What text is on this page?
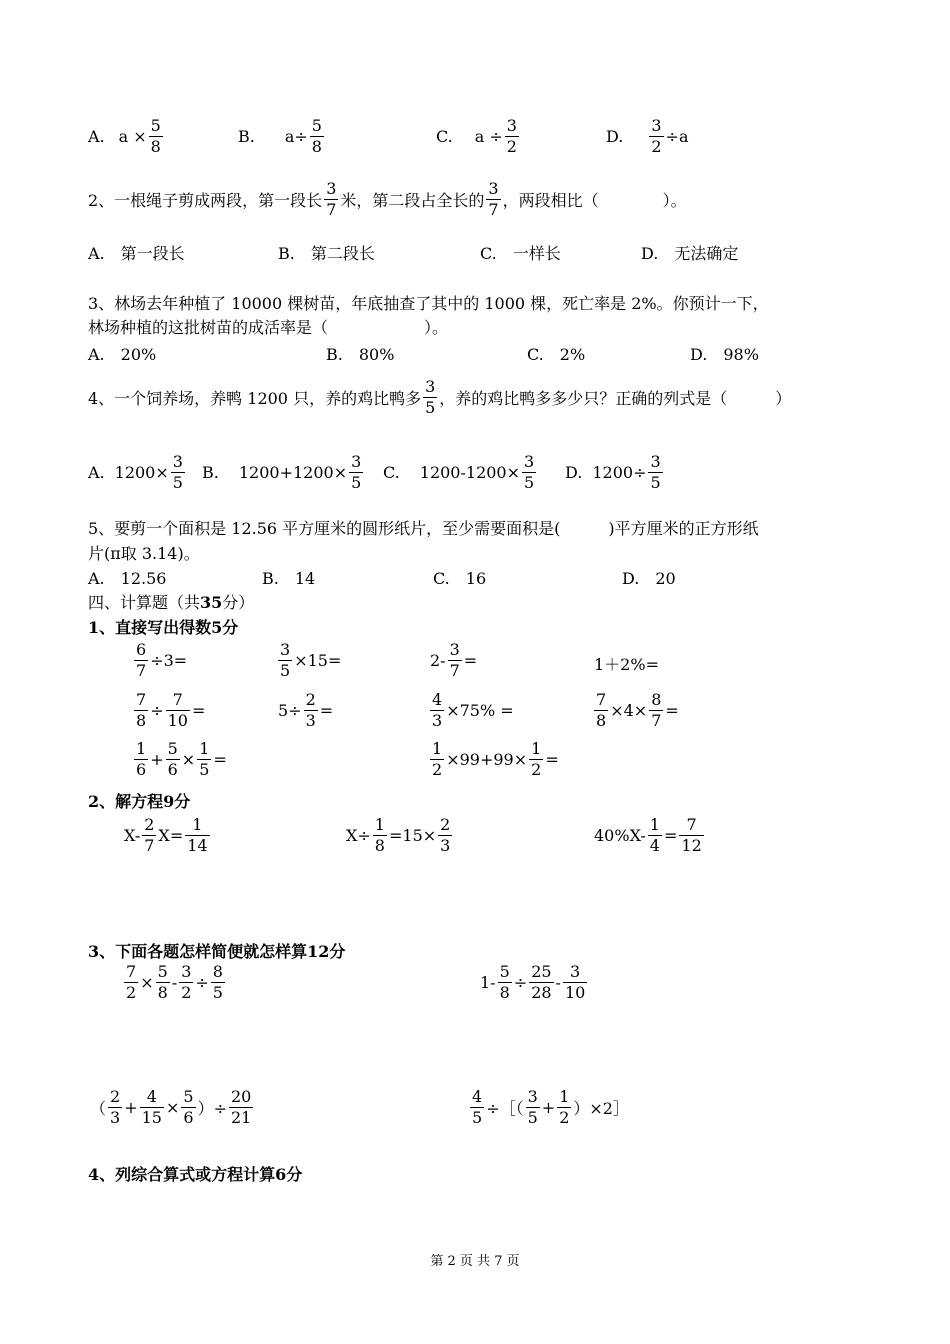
A. $a \times \frac{5}{8}$	B. $a\div \frac{5}{8}$	C. $a \div \frac{3}{2}$	D. $\frac{3}{2} \div a$
2、一根绳子剪成两段，第一段长 $\frac{3}{7}$ 米，第二段占全长的 $\frac{3}{7}$ ，两段相比（　　　　）。
A.　第一段长	B.　第二段长	C.　一样长	D.　无法确定
3、林场去年种植了 10000 棵树苗，年底抽查了其中的 1000 棵，死亡率是 2%。你预计一下，
林场种植的这批树苗的成活率是（　　　　　　）。
A.　20%	B.　80%	C.　2%	D.　98%
4、一个饲养场，养鸭 1200 只，养的鸡比鸭多 $\frac{3}{5}$ ，养的鸡比鸭多多少只？正确的列式是（　　　）
A. $1200\times \frac{3}{5} B$. $1200+1200\times \frac{3}{5} C$. $1200-1200\times \frac{3}{5} D$. $1200\div \frac{3}{5}$
5、要剪一个面积是 12.56 平方厘米的圆形纸片，至少需要面积是(　　　)平方厘米的正方形纸
片(π取 3.14)。
A.　12.56	B.　14	C.　16	D.　20
四、计算题（共35分）
1、直接写出得数5分
$\frac{6}{7} \div 3=$	$\frac{3}{5} \times 15=$	$2- \frac{3}{7}$ =	1＋2%=
$\frac{7}{8} \div \frac{7}{10}$ =	$5\div \frac{2}{3}$ =	$\frac{4}{3} \times 75\%$ =	$\frac{7}{8} \times 4\times \frac{8}{7}$ =
$\frac{1}{6} + \frac{5}{6} \times \frac{1}{5}$ =	$\frac{1}{2} \times 99+99\times \frac{1}{2}$ =
2、解方程9分
$X- \frac{2}{7} X= \frac{1}{14}$	$X\div \frac{1}{8} =15\times \frac{2}{3}$	$40\%X- \frac{1}{4} = \frac{7}{12}$
3、下面各题怎样简便就怎样算12分
$\frac{7}{2} \times \frac{5}{8} - \frac{3}{2} \div \frac{8}{5}$	$1- \frac{5}{8} \div \frac{25}{28} - \frac{3}{10}$
（ $\frac{2}{3} + \frac{4}{15} \times \frac{5}{6}$ ）÷ $\frac{20}{21}$	$\frac{4}{5}$ ÷［（ $\frac{3}{5} + \frac{1}{2}$ ）×2］
4、列综合算式或方程计算6分
第 2 页 共 7 页
